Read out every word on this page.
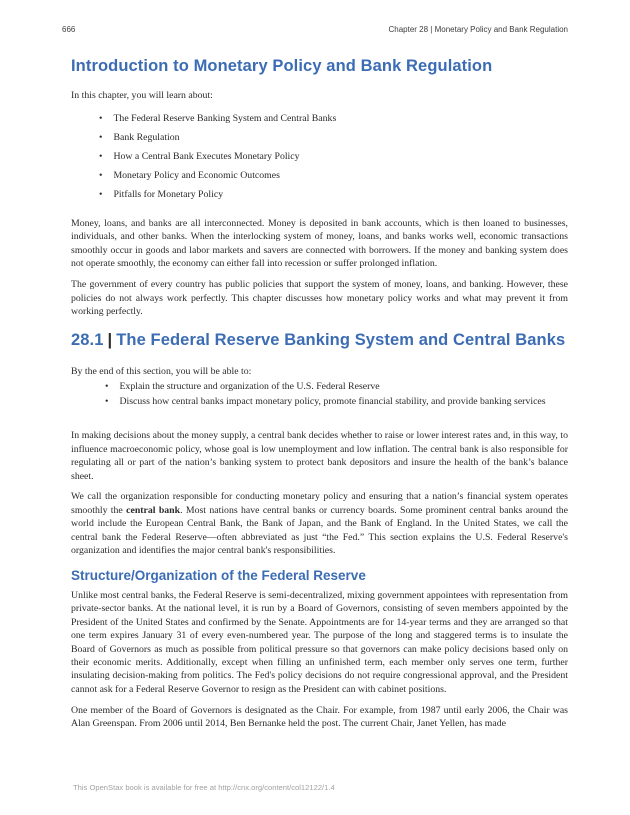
666	Chapter 28 | Monetary Policy and Bank Regulation
Introduction to Monetary Policy and Bank Regulation

In this chapter, you will learn about:

• The Federal Reserve Banking System and Central Banks
• Bank Regulation
• How a Central Bank Executes Monetary Policy
• Monetary Policy and Economic Outcomes
• Pitfalls for Monetary Policy

Money, loans, and banks are all interconnected. Money is deposited in bank accounts, which is then loaned to businesses, individuals, and other banks. When the interlocking system of money, loans, and banks works well, economic transactions smoothly occur in goods and labor markets and savers are connected with borrowers. If the money and banking system does not operate smoothly, the economy can either fall into recession or suffer prolonged inflation.

The government of every country has public policies that support the system of money, loans, and banking. However, these policies do not always work perfectly. This chapter discusses how monetary policy works and what may prevent it from working perfectly.

28.1 | The Federal Reserve Banking System and Central Banks

By the end of this section, you will be able to:

• Explain the structure and organization of the U.S. Federal Reserve
• Discuss how central banks impact monetary policy, promote financial stability, and provide banking services

In making decisions about the money supply, a central bank decides whether to raise or lower interest rates and, in this way, to influence macroeconomic policy, whose goal is low unemployment and low inflation. The central bank is also responsible for regulating all or part of the nation’s banking system to protect bank depositors and insure the health of the bank’s balance sheet.

We call the organization responsible for conducting monetary policy and ensuring that a nation’s financial system operates smoothly the central bank. Most nations have central banks or currency boards. Some prominent central banks around the world include the European Central Bank, the Bank of Japan, and the Bank of England. In the United States, we call the central bank the Federal Reserve—often abbreviated as just “the Fed.” This section explains the U.S. Federal Reserve's organization and identifies the major central bank's responsibilities.

Structure/Organization of the Federal Reserve

Unlike most central banks, the Federal Reserve is semi-decentralized, mixing government appointees with representation from private-sector banks. At the national level, it is run by a Board of Governors, consisting of seven members appointed by the President of the United States and confirmed by the Senate. Appointments are for 14-year terms and they are arranged so that one term expires January 31 of every even-numbered year. The purpose of the long and staggered terms is to insulate the Board of Governors as much as possible from political pressure so that governors can make policy decisions based only on their economic merits. Additionally, except when filling an unfinished term, each member only serves one term, further insulating decision-making from politics. The Fed's policy decisions do not require congressional approval, and the President cannot ask for a Federal Reserve Governor to resign as the President can with cabinet positions.

One member of the Board of Governors is designated as the Chair. For example, from 1987 until early 2006, the Chair was Alan Greenspan. From 2006 until 2014, Ben Bernanke held the post. The current Chair, Janet Yellen, has made

This OpenStax book is available for free at http://cnx.org/content/col12122/1.4
